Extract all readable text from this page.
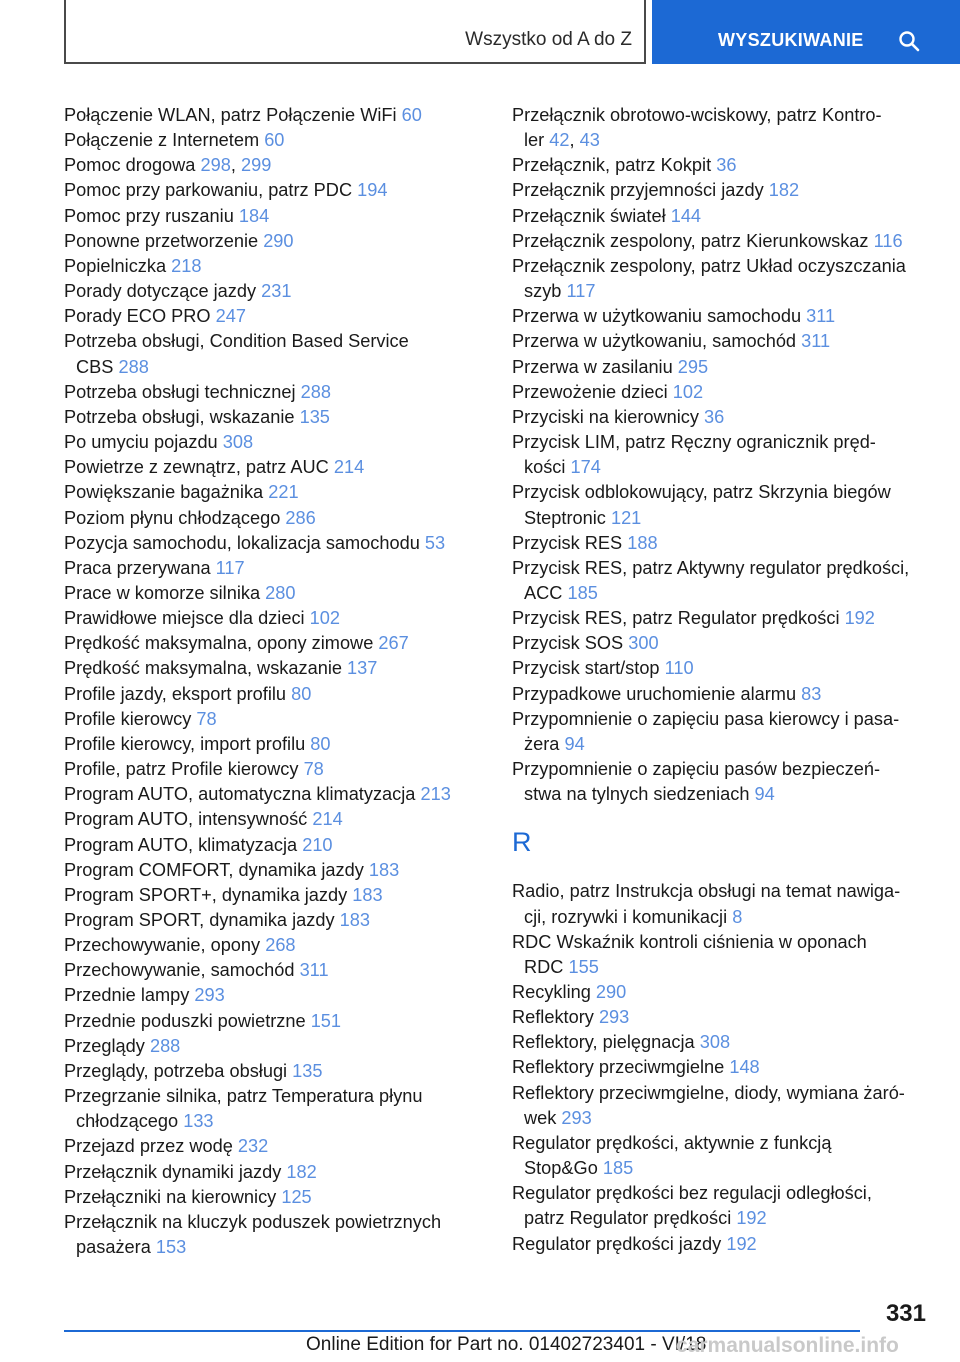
Wszystko od A do Z	WYSZUKIWANIE
Połączenie WLAN, patrz Połączenie WiFi 60
Połączenie z Internetem 60
Pomoc drogowa 298, 299
Pomoc przy parkowaniu, patrz PDC 194
Pomoc przy ruszaniu 184
Ponowne przetworzenie 290
Popielniczka 218
Porady dotyczące jazdy 231
Porady ECO PRO 247
Potrzeba obsługi, Condition Based Service
CBS 288
Potrzeba obsługi technicznej 288
Potrzeba obsługi, wskazanie 135
Po umyciu pojazdu 308
Powietrze z zewnątrz, patrz AUC 214
Powiększanie bagażnika 221
Poziom płynu chłodzącego 286
Pozycja samochodu, lokalizacja samochodu 53
Praca przerywana 117
Prace w komorze silnika 280
Prawidłowe miejsce dla dzieci 102
Prędkość maksymalna, opony zimowe 267
Prędkość maksymalna, wskazanie 137
Profile jazdy, eksport profilu 80
Profile kierowcy 78
Profile kierowcy, import profilu 80
Profile, patrz Profile kierowcy 78
Program AUTO, automatyczna klimatyzacja 213
Program AUTO, intensywność 214
Program AUTO, klimatyzacja 210
Program COMFORT, dynamika jazdy 183
Program SPORT+, dynamika jazdy 183
Program SPORT, dynamika jazdy 183
Przechowywanie, opony 268
Przechowywanie, samochód 311
Przednie lampy 293
Przednie poduszki powietrzne 151
Przeglądy 288
Przeglądy, potrzeba obsługi 135
Przegrzanie silnika, patrz Temperatura płynu
chłodzącego 133
Przejazd przez wodę 232
Przełącznik dynamiki jazdy 182
Przełączniki na kierownicy 125
Przełącznik na kluczyk poduszek powietrznych
pasażera 153
Przełącznik obrotowo-wciskowy, patrz Kontro-
ler 42, 43
Przełącznik, patrz Kokpit 36
Przełącznik przyjemności jazdy 182
Przełącznik świateł 144
Przełącznik zespolony, patrz Kierunkowskaz 116
Przełącznik zespolony, patrz Układ oczyszczania
szyb 117
Przerwa w użytkowaniu samochodu 311
Przerwa w użytkowaniu, samochód 311
Przerwa w zasilaniu 295
Przewożenie dzieci 102
Przyciski na kierownicy 36
Przycisk LIM, patrz Ręczny ogranicznik pręd-
kości 174
Przycisk odblokowujący, patrz Skrzynia biegów
Steptronic 121
Przycisk RES 188
Przycisk RES, patrz Aktywny regulator prędkości,
ACC 185
Przycisk RES, patrz Regulator prędkości 192
Przycisk SOS 300
Przycisk start/stop 110
Przypadkowe uruchomienie alarmu 83
Przypomnienie o zapięciu pasa kierowcy i pasa-
żera 94
Przypomnienie o zapięciu pasów bezpieczeń-
stwa na tylnych siedzeniach 94
R
Radio, patrz Instrukcja obsługi na temat nawiga-
cji, rozrywki i komunikacji 8
RDC Wskaźnik kontroli ciśnienia w oponach
RDC 155
Recykling 290
Reflektory 293
Reflektory, pielęgnacja 308
Reflektory przeciwmgielne 148
Reflektory przeciwmgielne, diody, wymiana żaró-
wek 293
Regulator prędkości, aktywnie z funkcją
Stop&Go 185
Regulator prędkości bez regulacji odległości,
patrz Regulator prędkości 192
Regulator prędkości jazdy 192
331
Online Edition for Part no. 01402723401 - VI/18
carmanualsonline.info
